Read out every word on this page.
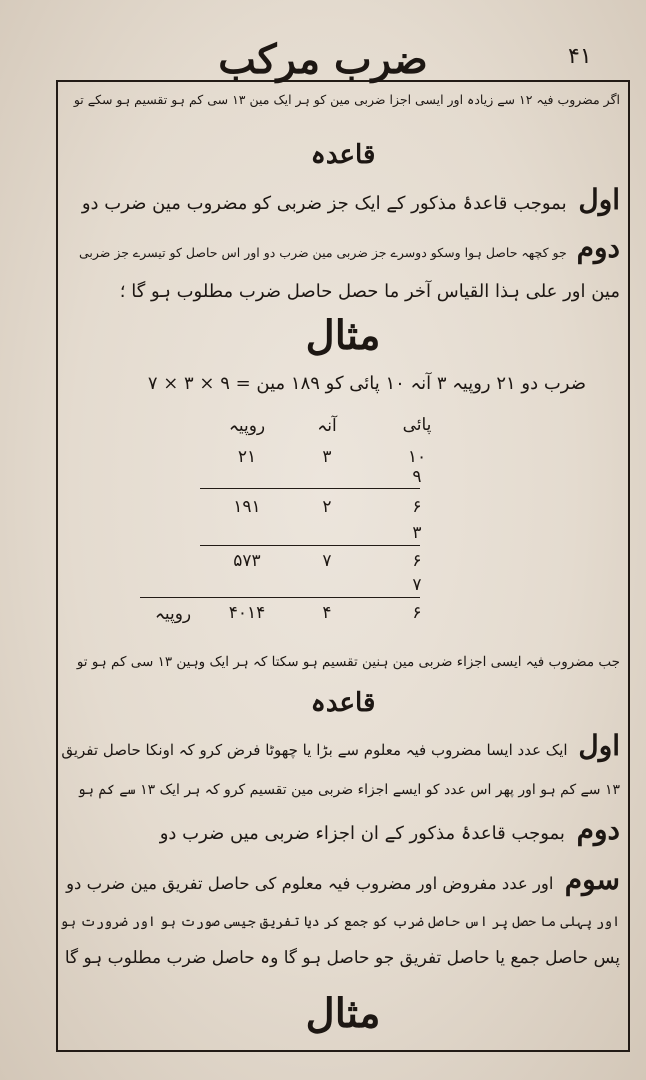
ضرب مرکب	۴۱
اگر مضروب فیہ ۱۲ سے زیادہ اور ایسی اجزا ضربی مین کو ہر ایک مین ۱۳ سی کم ہو تقسیم ہو سکے تو
قاعدہ
اول بموجب قاعدۂ مذکور کے ایک جز ضربی کو مضروب مین ضرب دو
دوم جو کچھہ حاصل ہوا وسکو دوسرے جز ضربی مین ضرب دو اور اس حاصل کو تیسرے جز ضربی
مین اور علی ہذا القیاس آخر ما حصل حاصل ضرب مطلوب ہو گا ؛
مثال
ضرب دو ۲۱ روپیہ ۳ آنہ ۱۰ پائی کو ۱۸۹ مین = ۹ × ۳ × ۷
پائی
آنہ
روپیہ
۱۰
۳
۲۱
۹
۶
۲
۱۹۱
۳
۶
۷
۵۷۳
۷
۶
۴
۴۰۱۴
روپیہ
جب مضروب فیہ ایسی اجزاء ضربی مین ہنین تقسیم ہو سکتا کہ ہر ایک وہین ۱۳ سی کم ہو تو
قاعدہ
اول ایک عدد ایسا مضروب فیہ معلوم سے بڑا یا چھوٹا فرض کرو کہ اونکا حاصل تفریق
۱۳ سے کم ہو اور پھر اس عدد کو ایسے اجزاء ضربی مین تقسیم کرو کہ ہر ایک ۱۳ سے کم ہو
دوم بموجب قاعدۂ مذکور کے ان اجزاء ضربی میں ضرب دو
سوم اور عدد مفروض اور مضروب فیہ معلوم کی حاصل تفریق مین ضرب دو
اور پہلی ما حصل پر اس حاصل ضرب کو جمع کر دیا تفریق جیسی صورت ہو اور ضرورت ہو
پس حاصل جمع یا حاصل تفریق جو حاصل ہو گا وہ حاصل ضرب مطلوب ہو گا
مثال
